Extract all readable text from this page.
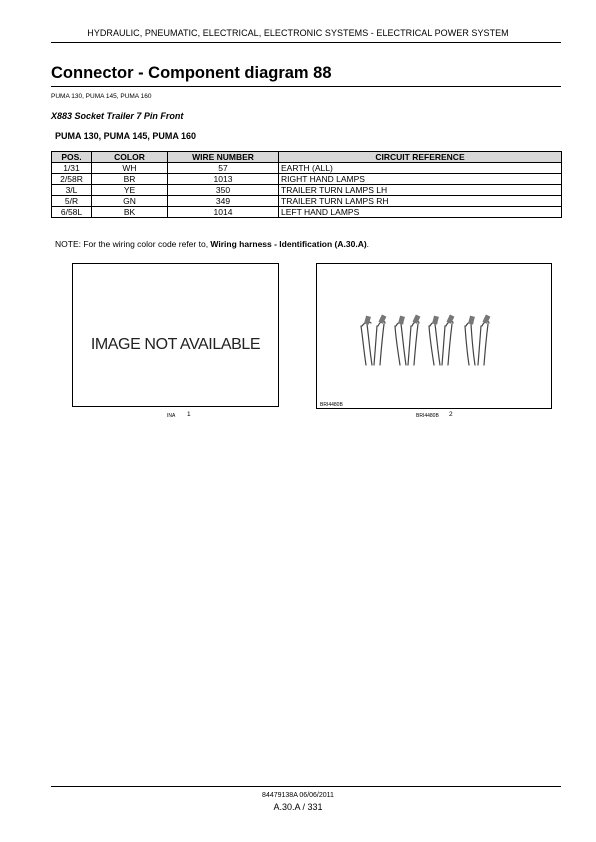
HYDRAULIC, PNEUMATIC, ELECTRICAL, ELECTRONIC SYSTEMS - ELECTRICAL POWER SYSTEM
Connector - Component diagram 88
PUMA 130, PUMA 145, PUMA 160
X883 Socket Trailer 7 Pin Front
PUMA 130, PUMA 145, PUMA 160
POS.	COLOR	WIRE NUMBER	CIRCUIT REFERENCE
1/31	WH	57	EARTH (ALL)
2/58R	BR	1013	RIGHT HAND LAMPS
3/L	YE	350	TRAILER TURN LAMPS LH
5/R	GN	349	TRAILER TURN LAMPS RH
6/58L	BK	1014	LEFT HAND LAMPS
NOTE: For the wiring color code refer to, Wiring harness - Identification (A.30.A).
IMAGE NOT AVAILABLE
INA 1
BRI4480B
BRI4480B 2
84479138A 06/06/2011
A.30.A / 331
